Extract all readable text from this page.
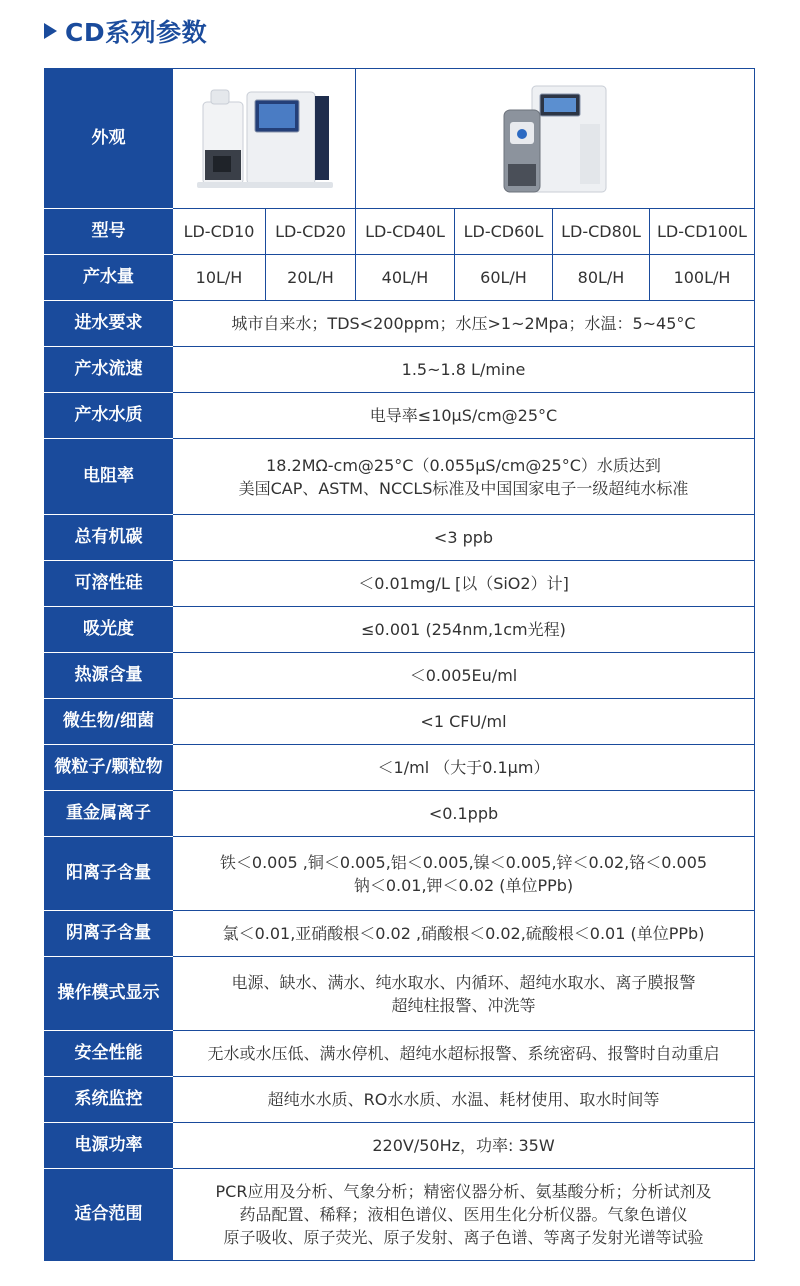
CD系列参数
外观	

型号	LD-CD10	LD-CD20	LD-CD40L	LD-CD60L	LD-CD80L	LD-CD100L
产水量	10L/H	20L/H	40L/H	60L/H	80L/H	100L/H
进水要求	城市自来水；TDS<200ppm；水压>1~2Mpa；水温：5~45°C					

产水流速	1.5~1.8 L/mine					

产水水质	电导率≤10μS/cm@25°C					

电阻率	18.2MΩ-cm@25°C（0.055μS/cm@25°C）水质达到
美国CAP、ASTM、NCCLS标准及中国国家电子一级超纯水标准					

总有机碳	<3 ppb					

可溶性硅	＜0.01mg/L [以（SiO2）计]					

吸光度	≤0.001 (254nm,1cm光程)					

热源含量	＜0.005Eu/ml					

微生物/细菌	<1 CFU/ml					

微粒子/颗粒物	＜1/ml （大于0.1μm）					

重金属离子	<0.1ppb					

阳离子含量	铁＜0.005 ,铜＜0.005,铝＜0.005,镍＜0.005,锌＜0.02,铬＜0.005
钠＜0.01,钾＜0.02 (单位PPb)					

阴离子含量	氯＜0.01,亚硝酸根＜0.02 ,硝酸根＜0.02,硫酸根＜0.01 (单位PPb)					

操作模式显示	电源、缺水、满水、纯水取水、内循环、超纯水取水、离子膜报警
超纯柱报警、冲洗等					

安全性能	无水或水压低、满水停机、超纯水超标报警、系统密码、报警时自动重启					

系统监控	超纯水水质、RO水水质、水温、耗材使用、取水时间等					

电源功率	220V/50Hz，功率: 35W					

适合范围	PCR应用及分析、气象分析；精密仪器分析、氨基酸分析；分析试剂及
药品配置、稀释；液相色谱仪、医用生化分析仪器。气象色谱仪
原子吸收、原子荧光、原子发射、离子色谱、等离子发射光谱等试验					
